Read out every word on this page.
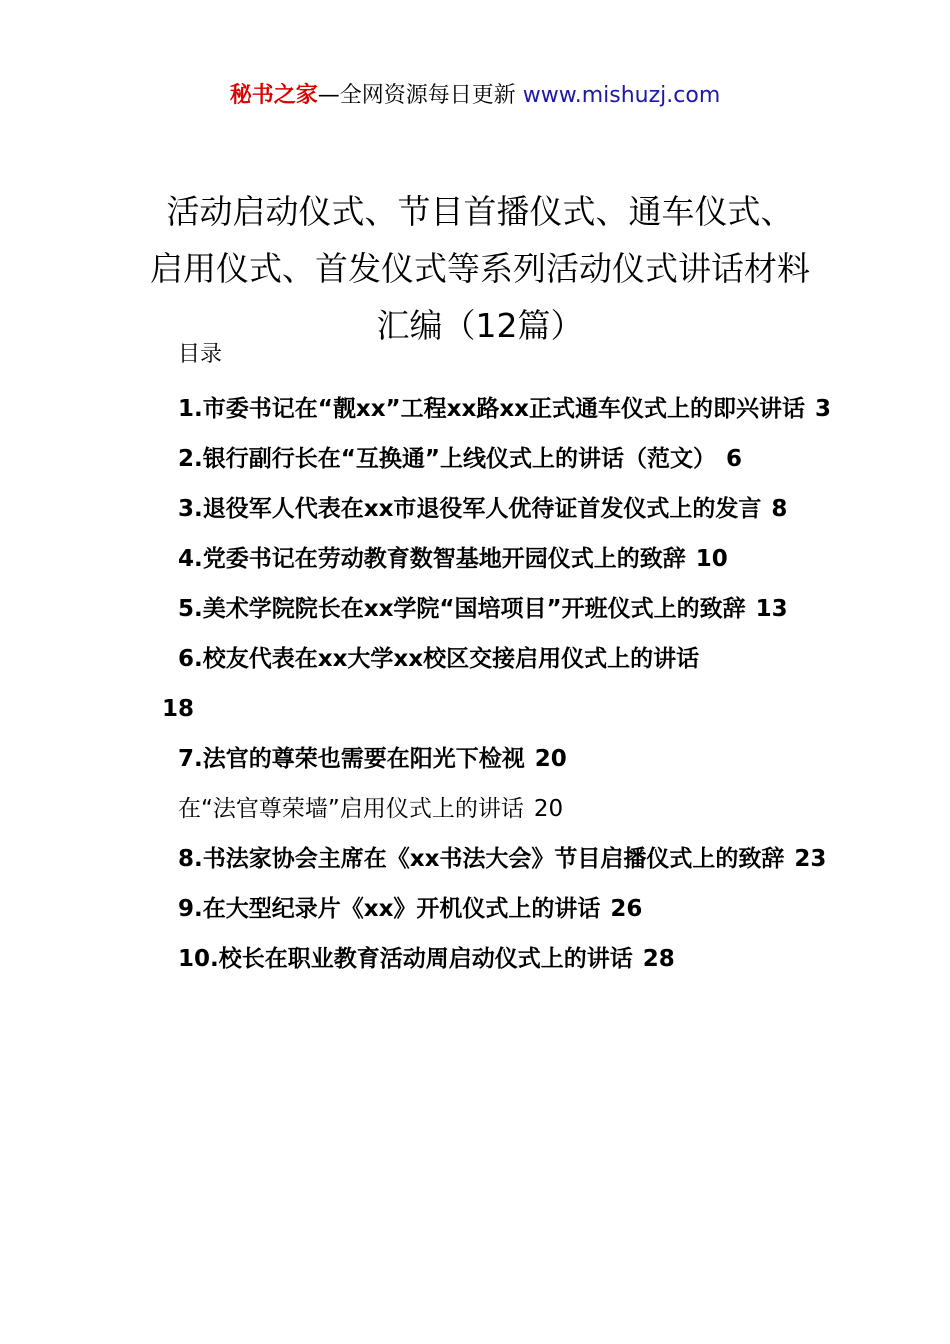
秘书之家—全网资源每日更新 www.mishuzj.com
活动启动仪式、节目首播仪式、通车仪式、
启用仪式、首发仪式等系列活动仪式讲话材料
汇编（12篇）
目录
1.市委书记在“靓xx”工程xx路xx正式通车仪式上的即兴讲话 3
2.银行副行长在“互换通”上线仪式上的讲话（范文） 6
3.退役军人代表在xx市退役军人优待证首发仪式上的发言 8
4.党委书记在劳动教育数智基地开园仪式上的致辞 10
5.美术学院院长在xx学院“国培项目”开班仪式上的致辞 13
6.校友代表在xx大学xx校区交接启用仪式上的讲话
18
7.法官的尊荣也需要在阳光下检视 20
在“法官尊荣墙”启用仪式上的讲话 20
8.书法家协会主席在《xx书法大会》节目启播仪式上的致辞 23
9.在大型纪录片《xx》开机仪式上的讲话 26
10.校长在职业教育活动周启动仪式上的讲话 28
